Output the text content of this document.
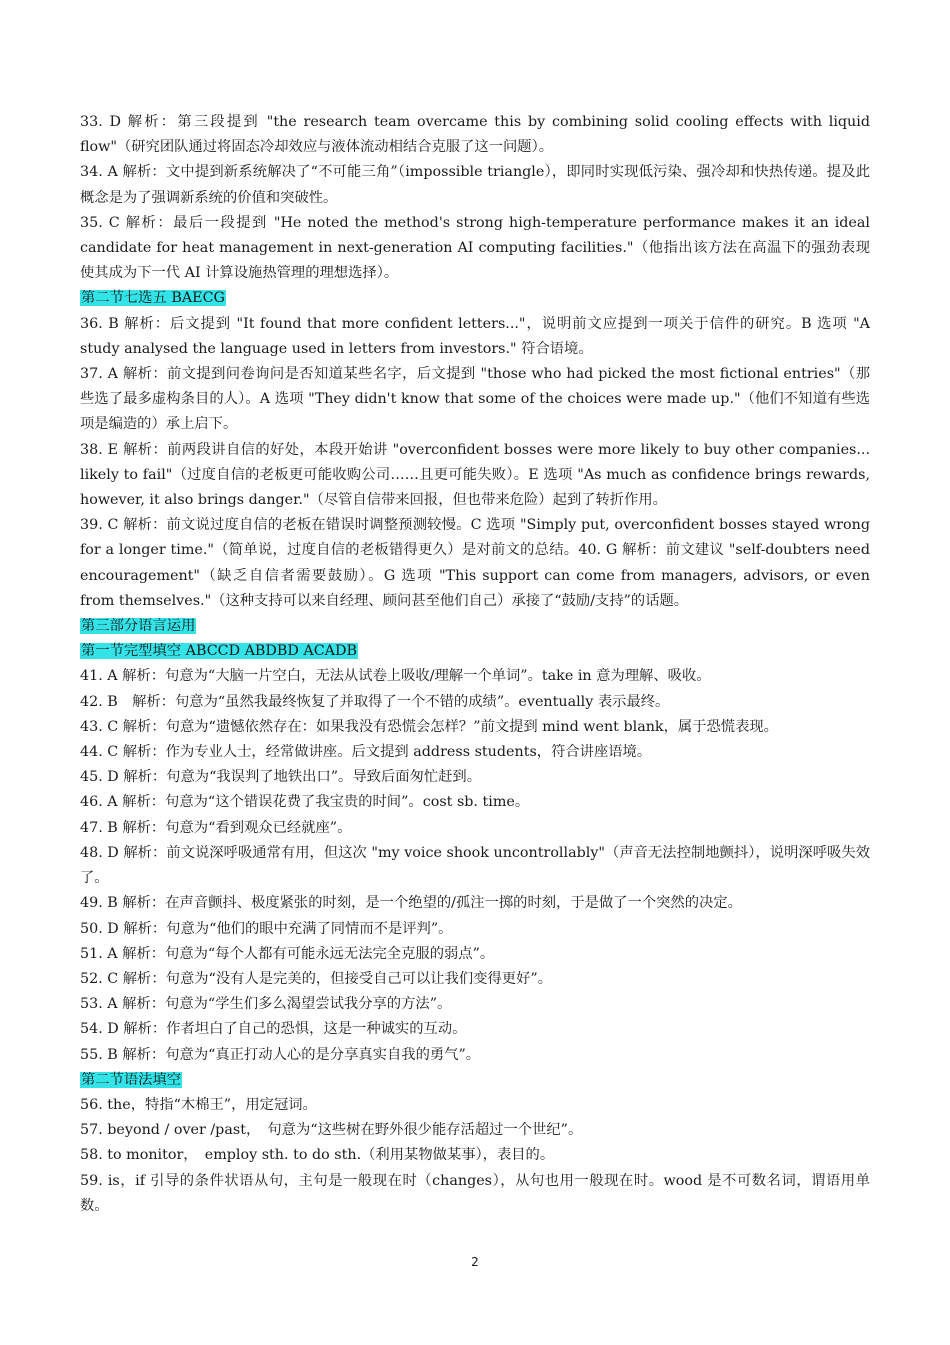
33. D 解析：第三段提到 "the research team overcame this by combining solid cooling effects with liquid flow"（研究团队通过将固态冷却效应与液体流动相结合克服了这一问题）。

34. A 解析：文中提到新系统解决了“不可能三角”（impossible triangle），即同时实现低污染、强冷却和快热传递。提及此概念是为了强调新系统的价值和突破性。

35. C 解析：最后一段提到 "He noted the method's strong high-temperature performance makes it an ideal candidate for heat management in next-generation AI computing facilities."（他指出该方法在高温下的强劲表现使其成为下一代 AI 计算设施热管理的理想选择）。

第二节七选五 BAECG

36. B 解析：后文提到 "It found that more confident letters..."，说明前文应提到一项关于信件的研究。B 选项 "A study analysed the language used in letters from investors." 符合语境。

37. A 解析：前文提到问卷询问是否知道某些名字，后文提到 "those who had picked the most fictional entries"（那些选了最多虚构条目的人）。A 选项 "They didn't know that some of the choices were made up."（他们不知道有些选项是编造的）承上启下。

38. E 解析：前两段讲自信的好处，本段开始讲 "overconfident bosses were more likely to buy other companies... likely to fail"（过度自信的老板更可能收购公司……且更可能失败）。E 选项 "As much as confidence brings rewards, however, it also brings danger."（尽管自信带来回报，但也带来危险）起到了转折作用。

39. C 解析：前文说过度自信的老板在错误时调整预测较慢。C 选项 "Simply put, overconfident bosses stayed wrong for a longer time."（简单说，过度自信的老板错得更久）是对前文的总结。40. G 解析：前文建议 "self-doubters need encouragement"（缺乏自信者需要鼓励）。G 选项 "This support can come from managers, advisors, or even from themselves."（这种支持可以来自经理、顾问甚至他们自己）承接了“鼓励/支持”的话题。

第三部分语言运用

第一节完型填空 ABCCD ABDBD ACADB

41. A 解析：句意为“大脑一片空白，无法从试卷上吸收/理解一个单词”。take in 意为理解、吸收。

42. B　解析：句意为“虽然我最终恢复了并取得了一个不错的成绩”。eventually 表示最终。

43. C 解析：句意为“遗憾依然存在：如果我没有恐慌会怎样？”前文提到 mind went blank，属于恐慌表现。

44. C 解析：作为专业人士，经常做讲座。后文提到 address students，符合讲座语境。

45. D 解析：句意为“我误判了地铁出口”。导致后面匆忙赶到。

46. A 解析：句意为“这个错误花费了我宝贵的时间”。cost sb. time。

47. B 解析：句意为“看到观众已经就座”。

48. D 解析：前文说深呼吸通常有用，但这次 "my voice shook uncontrollably"（声音无法控制地颤抖），说明深呼吸失效了。

49. B 解析：在声音颤抖、极度紧张的时刻，是一个绝望的/孤注一掷的时刻，于是做了一个突然的决定。

50. D 解析：句意为“他们的眼中充满了同情而不是评判”。

51. A 解析：句意为“每个人都有可能永远无法完全克服的弱点”。

52. C 解析：句意为“没有人是完美的，但接受自己可以让我们变得更好”。

53. A 解析：句意为“学生们多么渴望尝试我分享的方法”。

54. D 解析：作者坦白了自己的恐惧，这是一种诚实的互动。

55. B 解析：句意为“真正打动人心的是分享真实自我的勇气”。

第二节语法填空

56. the，特指“木棉王”，用定冠词。

57. beyond / over /past，　句意为“这些树在野外很少能存活超过一个世纪”。

58. to monitor，　employ sth. to do sth.（利用某物做某事），表目的。

59. is，if 引导的条件状语从句，主句是一般现在时（changes），从句也用一般现在时。wood 是不可数名词，谓语用单数。

2
